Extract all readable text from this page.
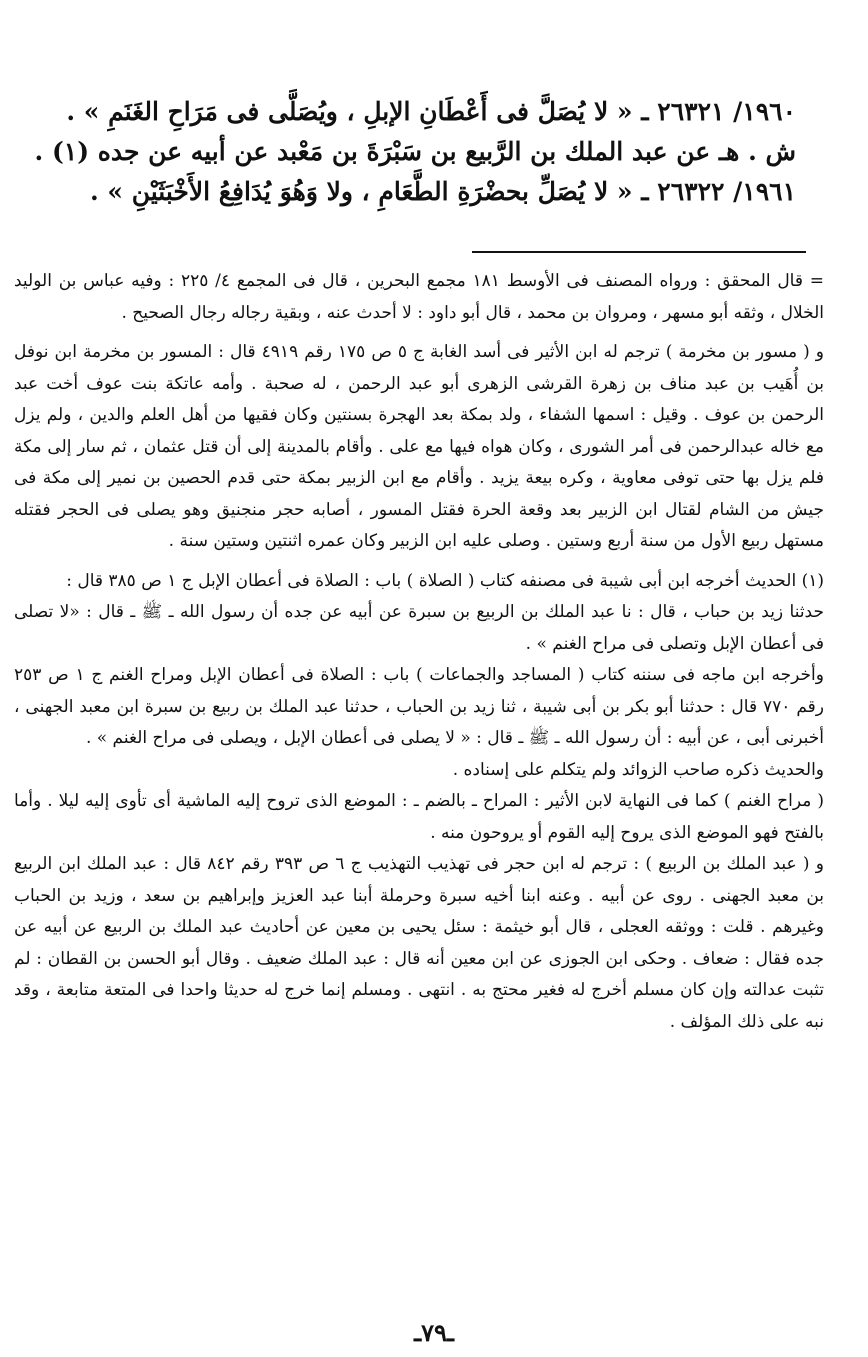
١٩٦٠/ ٢٦٣٢١ ـ « لا يُصَلَّ فى أَعْطَانِ الإبلِ ، ويُصَلَّى فى مَرَاحِ الغَنَمِ » .
ش . هـ عن عبد الملك بن الرَّبيع بن سَبْرَةَ بن مَعْبد عن أبيه عن جده (١) .
١٩٦١/ ٢٦٣٢٢ ـ « لا يُصَلِّ بحضْرَةِ الطَّعَامِ ، ولا وَهُوَ يُدَافِعُ الأَخْبَثَيْنِ » .

= قال المحقق : ورواه المصنف فى الأوسط ١٨١ مجمع البحرين ، قال فى المجمع ٤/ ٢٢٥ : وفيه عباس بن الوليد الخلال ، وثقه أبو مسهر ، ومروان بن محمد ، قال أبو داود : لا أحدث عنه ، وبقية رجاله رجال الصحيح .

و ( مسور بن مخرمة ) ترجم له ابن الأثير فى أسد الغابة ج ٥ ص ١٧٥ رقم ٤٩١٩ قال : المسور بن مخرمة ابن نوفل بن أُهَيب بن عبد مناف بن زهرة القرشى الزهرى أبو عبد الرحمن ، له صحبة . وأمه عاتكة بنت عوف أخت عبد الرحمن بن عوف . وقيل : اسمها الشفاء ، ولد بمكة بعد الهجرة بسنتين وكان فقيها من أهل العلم والدين ، ولم يزل مع خاله عبدالرحمن فى أمر الشورى ، وكان هواه فيها مع على . وأقام بالمدينة إلى أن قتل عثمان ، ثم سار إلى مكة فلم يزل بها حتى توفى معاوية ، وكره بيعة يزيد . وأقام مع ابن الزبير بمكة حتى قدم الحصين بن نمير إلى مكة فى جيش من الشام لقتال ابن الزبير بعد وقعة الحرة فقتل المسور ، أصابه حجر منجنيق وهو يصلى فى الحجر فقتله مستهل ربيع الأول من سنة أربع وستين . وصلى عليه ابن الزبير وكان عمره اثنتين وستين سنة .

(١) الحديث أخرجه ابن أبى شيبة فى مصنفه كتاب ( الصلاة ) باب : الصلاة فى أعطان الإبل ج ١ ص ٣٨٥ قال :

حدثنا زيد بن حباب ، قال : نا عبد الملك بن الربيع بن سبرة عن أبيه عن جده أن رسول الله ـ ﷺ ـ قال : «لا تصلى فى أعطان الإبل وتصلى فى مراح الغنم » .

وأخرجه ابن ماجه فى سننه كتاب ( المساجد والجماعات ) باب : الصلاة فى أعطان الإبل ومراح الغنم ج ١ ص ٢٥٣ رقم ٧٧٠ قال : حدثنا أبو بكر بن أبى شيبة ، ثنا زيد بن الحباب ، حدثنا عبد الملك بن ربيع بن سبرة ابن معبد الجهنى ، أخبرنى أبى ، عن أبيه : أن رسول الله ـ ﷺ ـ قال : « لا يصلى فى أعطان الإبل ، ويصلى فى مراح الغنم » .

والحديث ذكره صاحب الزوائد ولم يتكلم على إسناده .

( مراح الغنم ) كما فى النهاية لابن الأثير : المراح ـ بالضم ـ : الموضع الذى تروح إليه الماشية أى تأوى إليه ليلا . وأما بالفتح فهو الموضع الذى يروح إليه القوم أو يروحون منه .

و ( عبد الملك بن الربيع ) : ترجم له ابن حجر فى تهذيب التهذيب ج ٦ ص ٣٩٣ رقم ٨٤٢ قال : عبد الملك ابن الربيع بن معبد الجهنى . روى عن أبيه . وعنه ابنا أخيه سبرة وحرملة أبنا عبد العزيز وإبراهيم بن سعد ، وزيد بن الحباب وغيرهم . قلت : ووثقه العجلى ، قال أبو خيثمة : سئل يحيى بن معين عن أحاديث عبد الملك بن الربيع عن أبيه عن جده فقال : ضعاف . وحكى ابن الجوزى عن ابن معين أنه قال : عبد الملك ضعيف . وقال أبو الحسن بن القطان : لم تثبت عدالته وإن كان مسلم أخرج له فغير محتج به . انتهى . ومسلم إنما خرج له حديثا واحدا فى المتعة متابعة ، وقد نبه على ذلك المؤلف .

ـ٧٩ـ
